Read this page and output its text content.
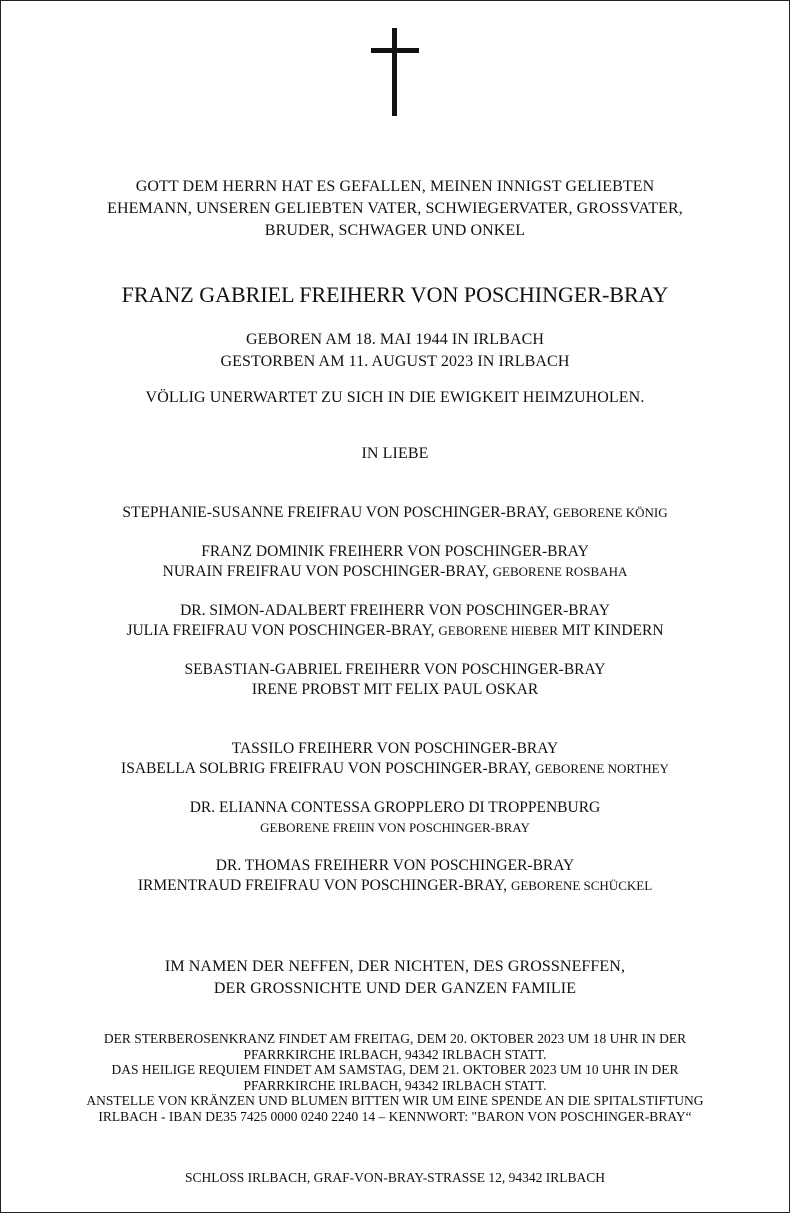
GOTT DEM HERRN HAT ES GEFALLEN, MEINEN INNIGST GELIEBTEN
EHEMANN, UNSEREN GELIEBTEN VATER, SCHWIEGERVATER, GROSSVATER,
BRUDER, SCHWAGER UND ONKEL
FRANZ GABRIEL FREIHERR VON POSCHINGER-BRAY
GEBOREN AM 18. MAI 1944 IN IRLBACH
GESTORBEN AM 11. AUGUST 2023 IN IRLBACH
VÖLLIG UNERWARTET ZU SICH IN DIE EWIGKEIT HEIMZUHOLEN.
IN LIEBE
STEPHANIE-SUSANNE FREIFRAU VON POSCHINGER-BRAY, GEBORENE KÖNIG
FRANZ DOMINIK FREIHERR VON POSCHINGER-BRAY
NURAIN FREIFRAU VON POSCHINGER-BRAY, GEBORENE ROSBAHA
DR. SIMON-ADALBERT FREIHERR VON POSCHINGER-BRAY
JULIA FREIFRAU VON POSCHINGER-BRAY, GEBORENE HIEBER MIT KINDERN
SEBASTIAN-GABRIEL FREIHERR VON POSCHINGER-BRAY
IRENE PROBST MIT FELIX PAUL OSKAR
TASSILO FREIHERR VON POSCHINGER-BRAY
ISABELLA SOLBRIG FREIFRAU VON POSCHINGER-BRAY, GEBORENE NORTHEY
DR. ELIANNA CONTESSA GROPPLERO DI TROPPENBURG
GEBORENE FREIIN VON POSCHINGER-BRAY
DR. THOMAS FREIHERR VON POSCHINGER-BRAY
IRMENTRAUD FREIFRAU VON POSCHINGER-BRAY, GEBORENE SCHÜCKEL
IM NAMEN DER NEFFEN, DER NICHTEN, DES GROSSNEFFEN,
DER GROSSNICHTE UND DER GANZEN FAMILIE
DER STERBEROSENKRANZ FINDET AM FREITAG, DEM 20. OKTOBER 2023 UM 18 UHR IN DER
PFARRKIRCHE IRLBACH, 94342 IRLBACH STATT.
DAS HEILIGE REQUIEM FINDET AM SAMSTAG, DEM 21. OKTOBER 2023 UM 10 UHR IN DER
PFARRKIRCHE IRLBACH, 94342 IRLBACH STATT.
ANSTELLE VON KRÄNZEN UND BLUMEN BITTEN WIR UM EINE SPENDE AN DIE SPITALSTIFTUNG
IRLBACH - IBAN DE35 7425 0000 0240 2240 14 – KENNWORT: "BARON VON POSCHINGER-BRAY“
SCHLOSS IRLBACH, GRAF-VON-BRAY-STRASSE 12, 94342 IRLBACH
